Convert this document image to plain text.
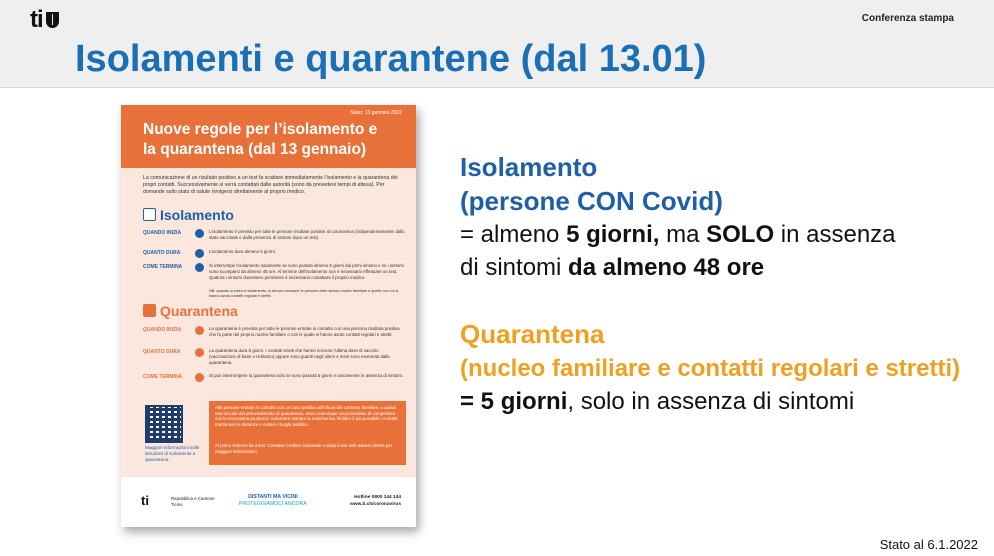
ti	Conferenza stampa
Isolamenti e quarantene (dal 13.01)
Stato: 13 gennaio 2022
Nuove regole per l’isolamento e
la quarantena (dal 13 gennaio)
La comunicazione di un risultato positivo a un test fa scattare immediatamente l’isolamento e la quarantena dei propri contatti. Successivamente si verrà contattati dalle autorità (sono da prevedere tempi di attesa). Per domande sullo stato di salute rivolgersi direttamente al proprio medico.
Isolamento
QUANDO INIZIA	L’isolamento è previsto per tutte le persone risultate positive al coronavirus (indipendentemente dallo stato vaccinale e dalla presenza di sintomi dopo un test).
QUANTO DURA	L’isolamento dura almeno 5 giorni.
COME TERMINA	Si interrompe l’isolamento solamente se sono passati almeno 5 giorni dai primi sintomi e se i sintomi sono scomparsi da almeno 48 ore. Al termine dell’isolamento non è necessario effettuare un test. Qualora i sintomi dovessero persistere è necessario contattare il proprio medico.
NB: quando si entra in isolamento, si devono avvisare le persone dello stesso nucleo familiare e quelle con cui si hanno avuto contatti regolari e stretti.
Quarantena
QUANDO INIZIA	La quarantena è prevista per tutte le persone entrate in contatto con una persona risultata positiva che fa parte del proprio nucleo familiare o con le quale si hanno avuto contatti regolari e stretti.
QUANTO DURA	La quarantena dura 5 giorni. I contatti stretti che hanno ricevuto l’ultima dose di vaccino (vaccinazione di base o richiamo) oppure sono guariti negli ultimi 4 mesi sono esonerati dalla quarantena.
COME TERMINA	Si può interrompere la quarantena solo se sono passati 5 giorni e unicamente in assenza di sintomi.
Maggiori informazioni sulle istruzioni di isolamento e quarantena.
Alle persone entrate in contatto con un caso positivo all’infuori del contesto familiare, o quindi non toccate dal provvedimento di quarantena, viene comunque raccomandato di comportarsi con la necessaria prudenza: indossare sempre la mascherina, limitare il più possibile i contatti, mantenere le distanze e evitare i luoghi pubblici.
Al primo sintomo fai il test. Contatta l’Hotline cantonale o visita il sito web www.ti.ch/test per maggiori informazioni.
ti	Repubblica e Cantone
Ticino
DISTANTI MA VICINI
PROTEGGIAMOCI ANCORA
Hotline 0800 144 144
www.ti.ch/coronavirus
Isolamento
(persone CON Covid)
= almeno 5 giorni, ma SOLO in assenza
di sintomi da almeno 48 ore
Quarantena
(nucleo familiare e contatti regolari e stretti)
= 5 giorni, solo in assenza di sintomi
Stato al 6.1.2022
